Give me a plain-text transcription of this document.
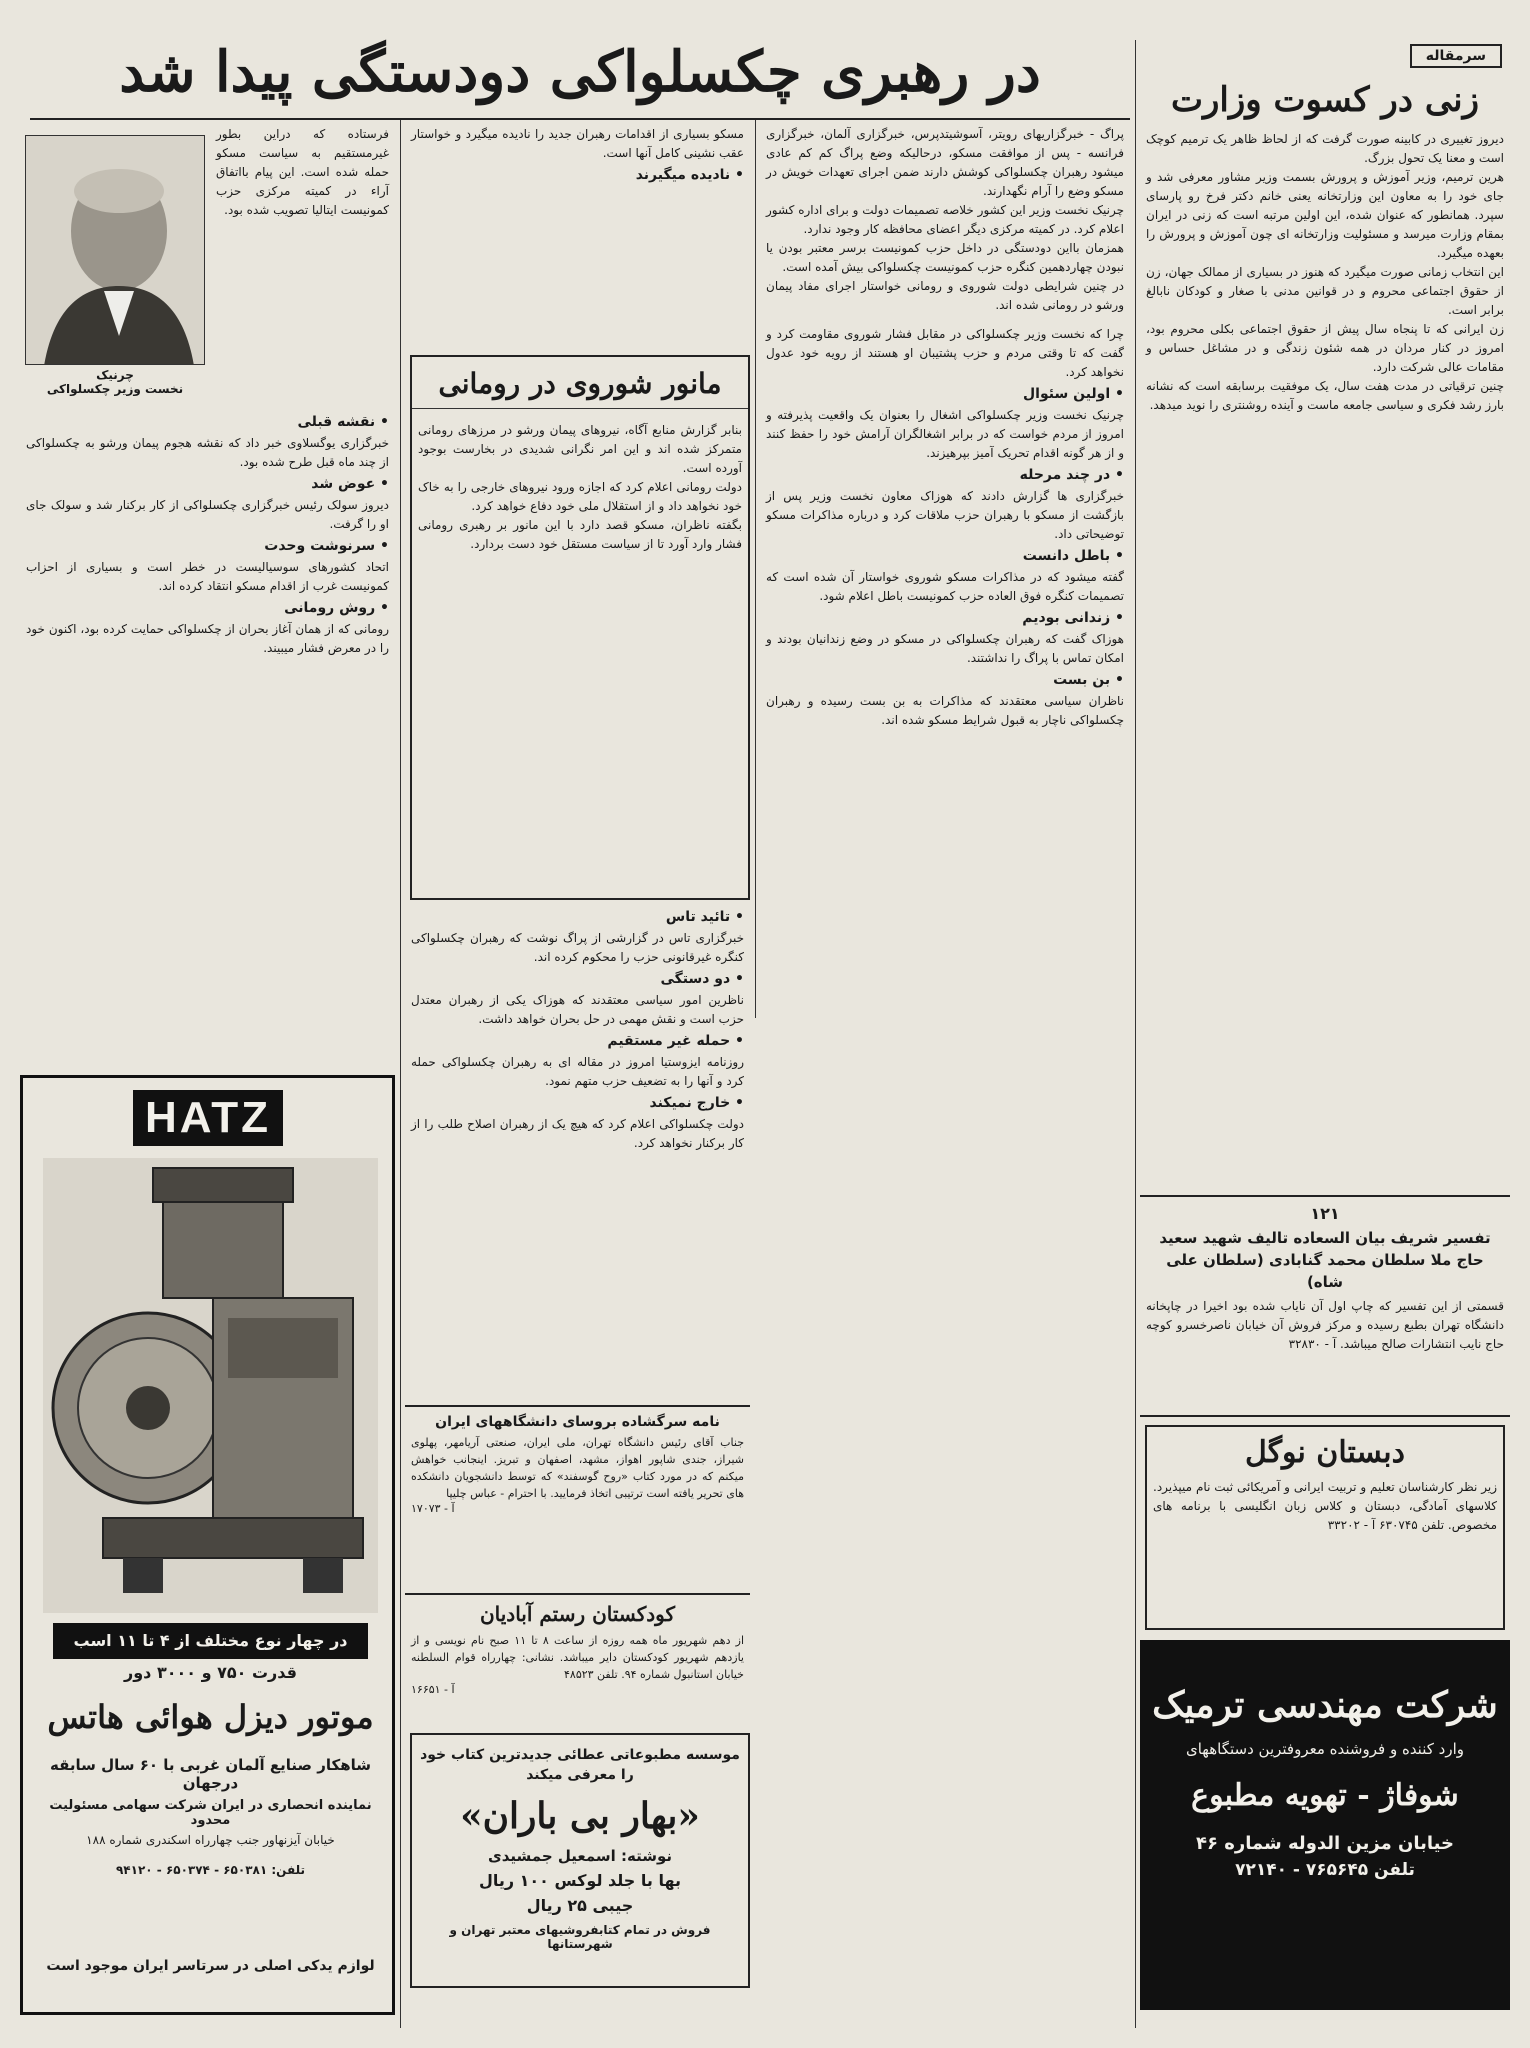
در رهبری چکسلواکی دودستگی پیدا شد	سرمقاله
زنی در کسوت وزارت

دیروز تغییری در کابینه صورت گرفت که از لحاظ ظاهر یک ترمیم کوچک است و معنا یک تحول بزرگ.

هرین ترمیم، وزیر آموزش و پرورش بسمت وزیر مشاور معرفی شد و جای خود را به معاون این وزارتخانه یعنی خانم دکتر فرخ رو پارسای سپرد. همانطور که عنوان شده، این اولین مرتبه است که زنی در ایران بمقام وزارت میرسد و مسئولیت وزارتخانه ای چون آموزش و پرورش را بعهده میگیرد.

این انتخاب زمانی صورت میگیرد که هنوز در بسیاری از ممالک جهان، زن از حقوق اجتماعی محروم و در قوانین مدنی با صغار و کودکان نابالغ برابر است.

زن ایرانی که تا پنجاه سال پیش از حقوق اجتماعی بکلی محروم بود، امروز در کنار مردان در همه شئون زندگی و در مشاغل حساس و مقامات عالی شرکت دارد.

چنین ترقیاتی در مدت هفت سال، یک موفقیت برسابقه است که نشانه بارز رشد فکری و سیاسی جامعه ماست و آینده روشنتری را نوید میدهد.

۱۲۱
تفسیر شریف بیان السعاده تالیف شهید سعید حاج ملا سلطان محمد گنابادی (سلطان علی شاه)

قسمتی از این تفسیر که چاپ اول آن نایاب شده بود اخیرا در چاپخانه دانشگاه تهران بطبع رسیده و مرکز فروش آن خیابان ناصرخسرو کوچه حاج نایب انتشارات صالح میباشد. آ - ۳۲۸۳۰

دبستان نوگل

زیر نظر کارشناسان تعلیم و تربیت ایرانی و آمریکائی ثبت نام میپذیرد. کلاسهای آمادگی، دبستان و کلاس زبان انگلیسی با برنامه های مخصوص. تلفن ۶۳۰۷۴۵ آ - ۳۳۲۰۲

شرکت مهندسی ترمیک
وارد کننده و فروشنده معروفترین دستگاههای
شوفاژ - تهویه مطبوع
خیابان مزین الدوله شماره ۴۶
تلفن ۷۶۵۶۴۵ - ۷۲۱۴۰

پراگ - خبرگزاریهای رویتر، آسوشیتدپرس، خبرگزاری آلمان، خبرگزاری فرانسه - پس از موافقت مسکو، درحالیکه وضع پراگ کم کم عادی میشود رهبران چکسلواکی کوشش دارند ضمن اجرای تعهدات خویش در مسکو وضع را آرام نگهدارند.

چرنیک نخست وزیر این کشور خلاصه تصمیمات دولت و برای اداره کشور اعلام کرد. در کمیته مرکزی دیگر اعضای محافظه کار وجود ندارد.

همزمان بااین دودستگی در داخل حزب کمونیست برسر معتبر بودن یا نبودن چهاردهمین کنگره حزب کمونیست چکسلواکی بیش آمده است.

در چنین شرایطی دولت شوروی و رومانی خواستار اجرای مفاد پیمان ورشو در رومانی شده اند.

چرا که نخست وزیر چکسلواکی در مقابل فشار شوروی مقاومت کرد و گفت که تا وقتی مردم و حزب پشتیبان او هستند از رویه خود عدول نخواهد کرد.

• اولین سئوال

چرنیک نخست وزیر چکسلواکی اشغال را بعنوان یک واقعیت پذیرفته و امروز از مردم خواست که در برابر اشغالگران آرامش خود را حفظ کنند و از هر گونه اقدام تحریک آمیز بپرهیزند.

• در چند مرحله

خبرگزاری ها گزارش دادند که هوزاک معاون نخست وزیر پس از بازگشت از مسکو با رهبران حزب ملاقات کرد و درباره مذاکرات مسکو توضیحاتی داد.

• باطل دانست

گفته میشود که در مذاکرات مسکو شوروی خواستار آن شده است که تصمیمات کنگره فوق العاده حزب کمونیست باطل اعلام شود.

• زندانی بودیم

هوزاک گفت که رهبران چکسلواکی در مسکو در وضع زندانیان بودند و امکان تماس با پراگ را نداشتند.

• بن بست

ناظران سیاسی معتقدند که مذاکرات به بن بست رسیده و رهبران چکسلواکی ناچار به قبول شرایط مسکو شده اند.

مسکو بسیاری از اقدامات رهبران جدید را نادیده میگیرد و خواستار عقب نشینی کامل آنها است.

• نادیده میگیرند
مانور شوروی در رومانی

بنابر گزارش منابع آگاه، نیروهای پیمان ورشو در مرزهای رومانی متمرکز شده اند و این امر نگرانی شدیدی در بخارست بوجود آورده است.

دولت رومانی اعلام کرد که اجازه ورود نیروهای خارجی را به خاک خود نخواهد داد و از استقلال ملی خود دفاع خواهد کرد.

بگفته ناظران، مسکو قصد دارد با این مانور بر رهبری رومانی فشار وارد آورد تا از سیاست مستقل خود دست بردارد.

• تائید تاس

خبرگزاری تاس در گزارشی از پراگ نوشت که رهبران چکسلواکی کنگره غیرقانونی حزب را محکوم کرده اند.

• دو دستگی

ناظرین امور سیاسی معتقدند که هوزاک یکی از رهبران معتدل حزب است و نقش مهمی در حل بحران خواهد داشت.

• حمله غیر مستقیم

روزنامه ایزوستیا امروز در مقاله ای به رهبران چکسلواکی حمله کرد و آنها را به تضعیف حزب متهم نمود.

• خارج نمیکند

دولت چکسلواکی اعلام کرد که هیچ یک از رهبران اصلاح طلب را از کار برکنار نخواهد کرد.

نامه سرگشاده بروسای دانشگاههای ایران

جناب آقای رئیس دانشگاه تهران، ملی ایران، صنعتی آریامهر، پهلوی شیراز، جندی شاپور اهواز، مشهد، اصفهان و تبریز. اینجانب خواهش میکنم که در مورد کتاب «روح گوسفند» که توسط دانشجویان دانشکده های تحریر یافته است ترتیبی اتخاذ فرمایید. با احترام - عباس چلیپا

آ - ۱۷۰۷۳
کودکستان رستم آبادیان

از دهم شهریور ماه همه روزه از ساعت ۸ تا ۱۱ صبح نام نویسی و از یازدهم شهریور کودکستان دایر میباشد. نشانی: چهارراه قوام السلطنه خیابان استانبول شماره ۹۴. تلفن ۴۸۵۲۳

آ - ۱۶۶۵۱
موسسه مطبوعاتی عطائی جدیدترین کتاب خود را معرفی میکند
«بهار بی باران»
نوشته: اسمعیل جمشیدی
بها با جلد لوکس ۱۰۰ ریال
جیبی ۲۵ ریال
فروش در تمام کتابفروشیهای معتبر تهران و شهرستانها

فرستاده که دراین بطور غیرمستقیم به سیاست مسکو حمله شده است. این پیام بااتفاق آراء در کمیته مرکزی حزب کمونیست ایتالیا تصویب شده بود.

چرنیک
نخست وزیر چکسلواکی
• نقشه قبلی

خبرگزاری یوگسلاوی خبر داد که نقشه هجوم پیمان ورشو به چکسلواکی از چند ماه قبل طرح شده بود.

• عوض شد

دیروز سولک رئیس خبرگزاری چکسلواکی از کار برکنار شد و سولک جای او را گرفت.

• سرنوشت وحدت

اتحاد کشورهای سوسیالیست در خطر است و بسیاری از احزاب کمونیست غرب از اقدام مسکو انتقاد کرده اند.

• روش رومانی

رومانی که از همان آغاز بحران از چکسلواکی حمایت کرده بود، اکنون خود را در معرض فشار میبیند.

HATZ
در چهار نوع مختلف از ۴ تا ۱۱ اسب
قدرت ۷۵۰ و ۳۰۰۰ دور
موتور دیزل هوائی هاتس
شاهکار صنایع آلمان غربی با ۶۰ سال سابقه درجهان
نماینده انحصاری در ایران شرکت سهامی مسئولیت محدود
خیابان آیزنهاور جنب چهارراه اسکندری شماره ۱۸۸
تلفن: ۶۵۰۳۸۱ - ۶۵۰۳۷۴ - ۹۴۱۲۰
لوازم یدکی اصلی در سرتاسر ایران موجود است
